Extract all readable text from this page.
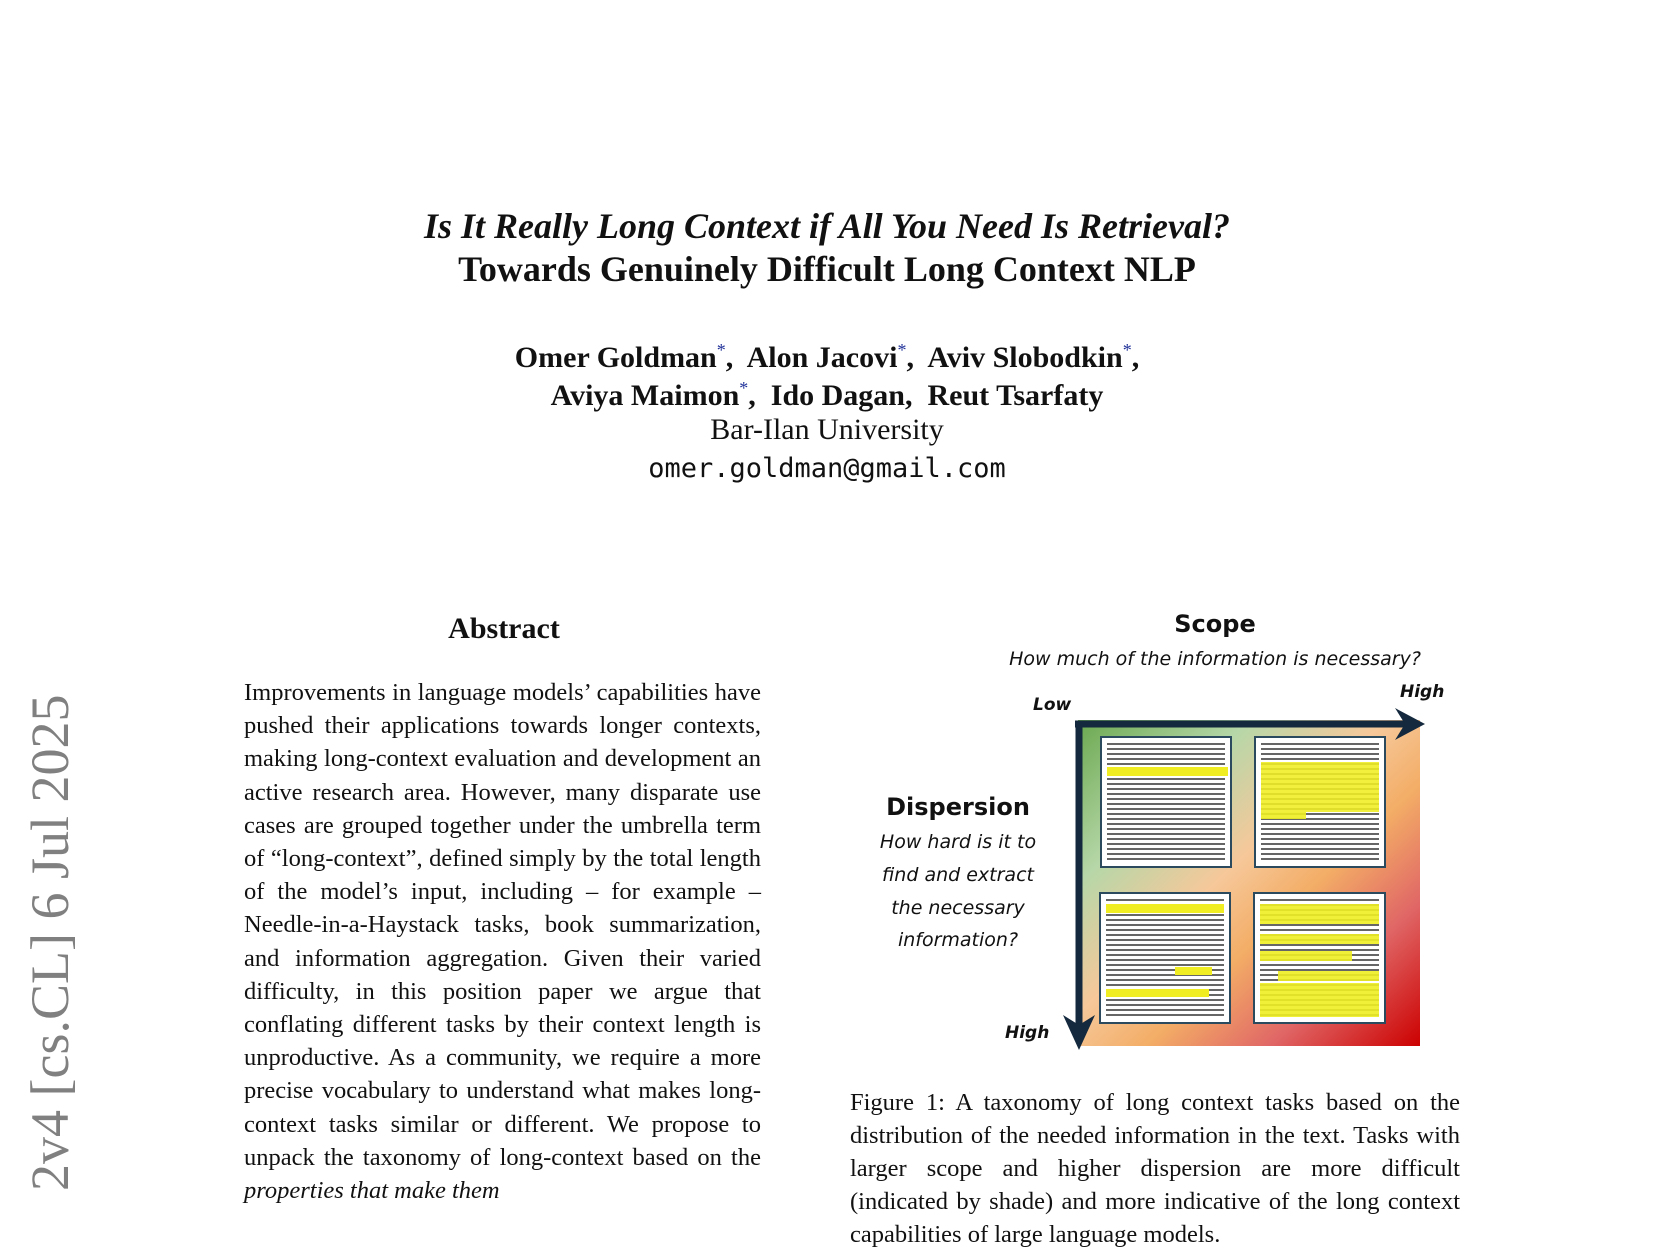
2v4 [cs.CL] 6 Jul 2025
Is It Really Long Context if All You Need Is Retrieval?
Towards Genuinely Difficult Long Context NLP
Omer Goldman*,  Alon Jacovi*,  Aviv Slobodkin*,
Aviya Maimon*,  Ido Dagan,  Reut Tsarfaty
Bar-Ilan University
omer.goldman@gmail.com
Abstract

Improvements in language models’ capabilities have pushed their applications towards longer contexts, making long-context evaluation and development an active research area. However, many disparate use cases are grouped together under the umbrella term of “long-context”, defined simply by the total length of the model’s input, including – for example – Needle-in-a-Haystack tasks, book summarization, and information aggregation. Given their varied difficulty, in this position paper we argue that conflating different tasks by their context length is unproductive. As a community, we require a more precise vocabulary to understand what makes long-context tasks similar or different. We propose to unpack the taxonomy of long-context based on the properties that make them

Scope
How much of the information is necessary?
Low
High
Dispersion
How hard is it to
find and extract
the necessary
information?
High
Figure 1: A taxonomy of long context tasks based on the distribution of the needed information in the text. Tasks with larger scope and higher dispersion are more difficult (indicated by shade) and more indicative of the long context capabilities of large language models.
